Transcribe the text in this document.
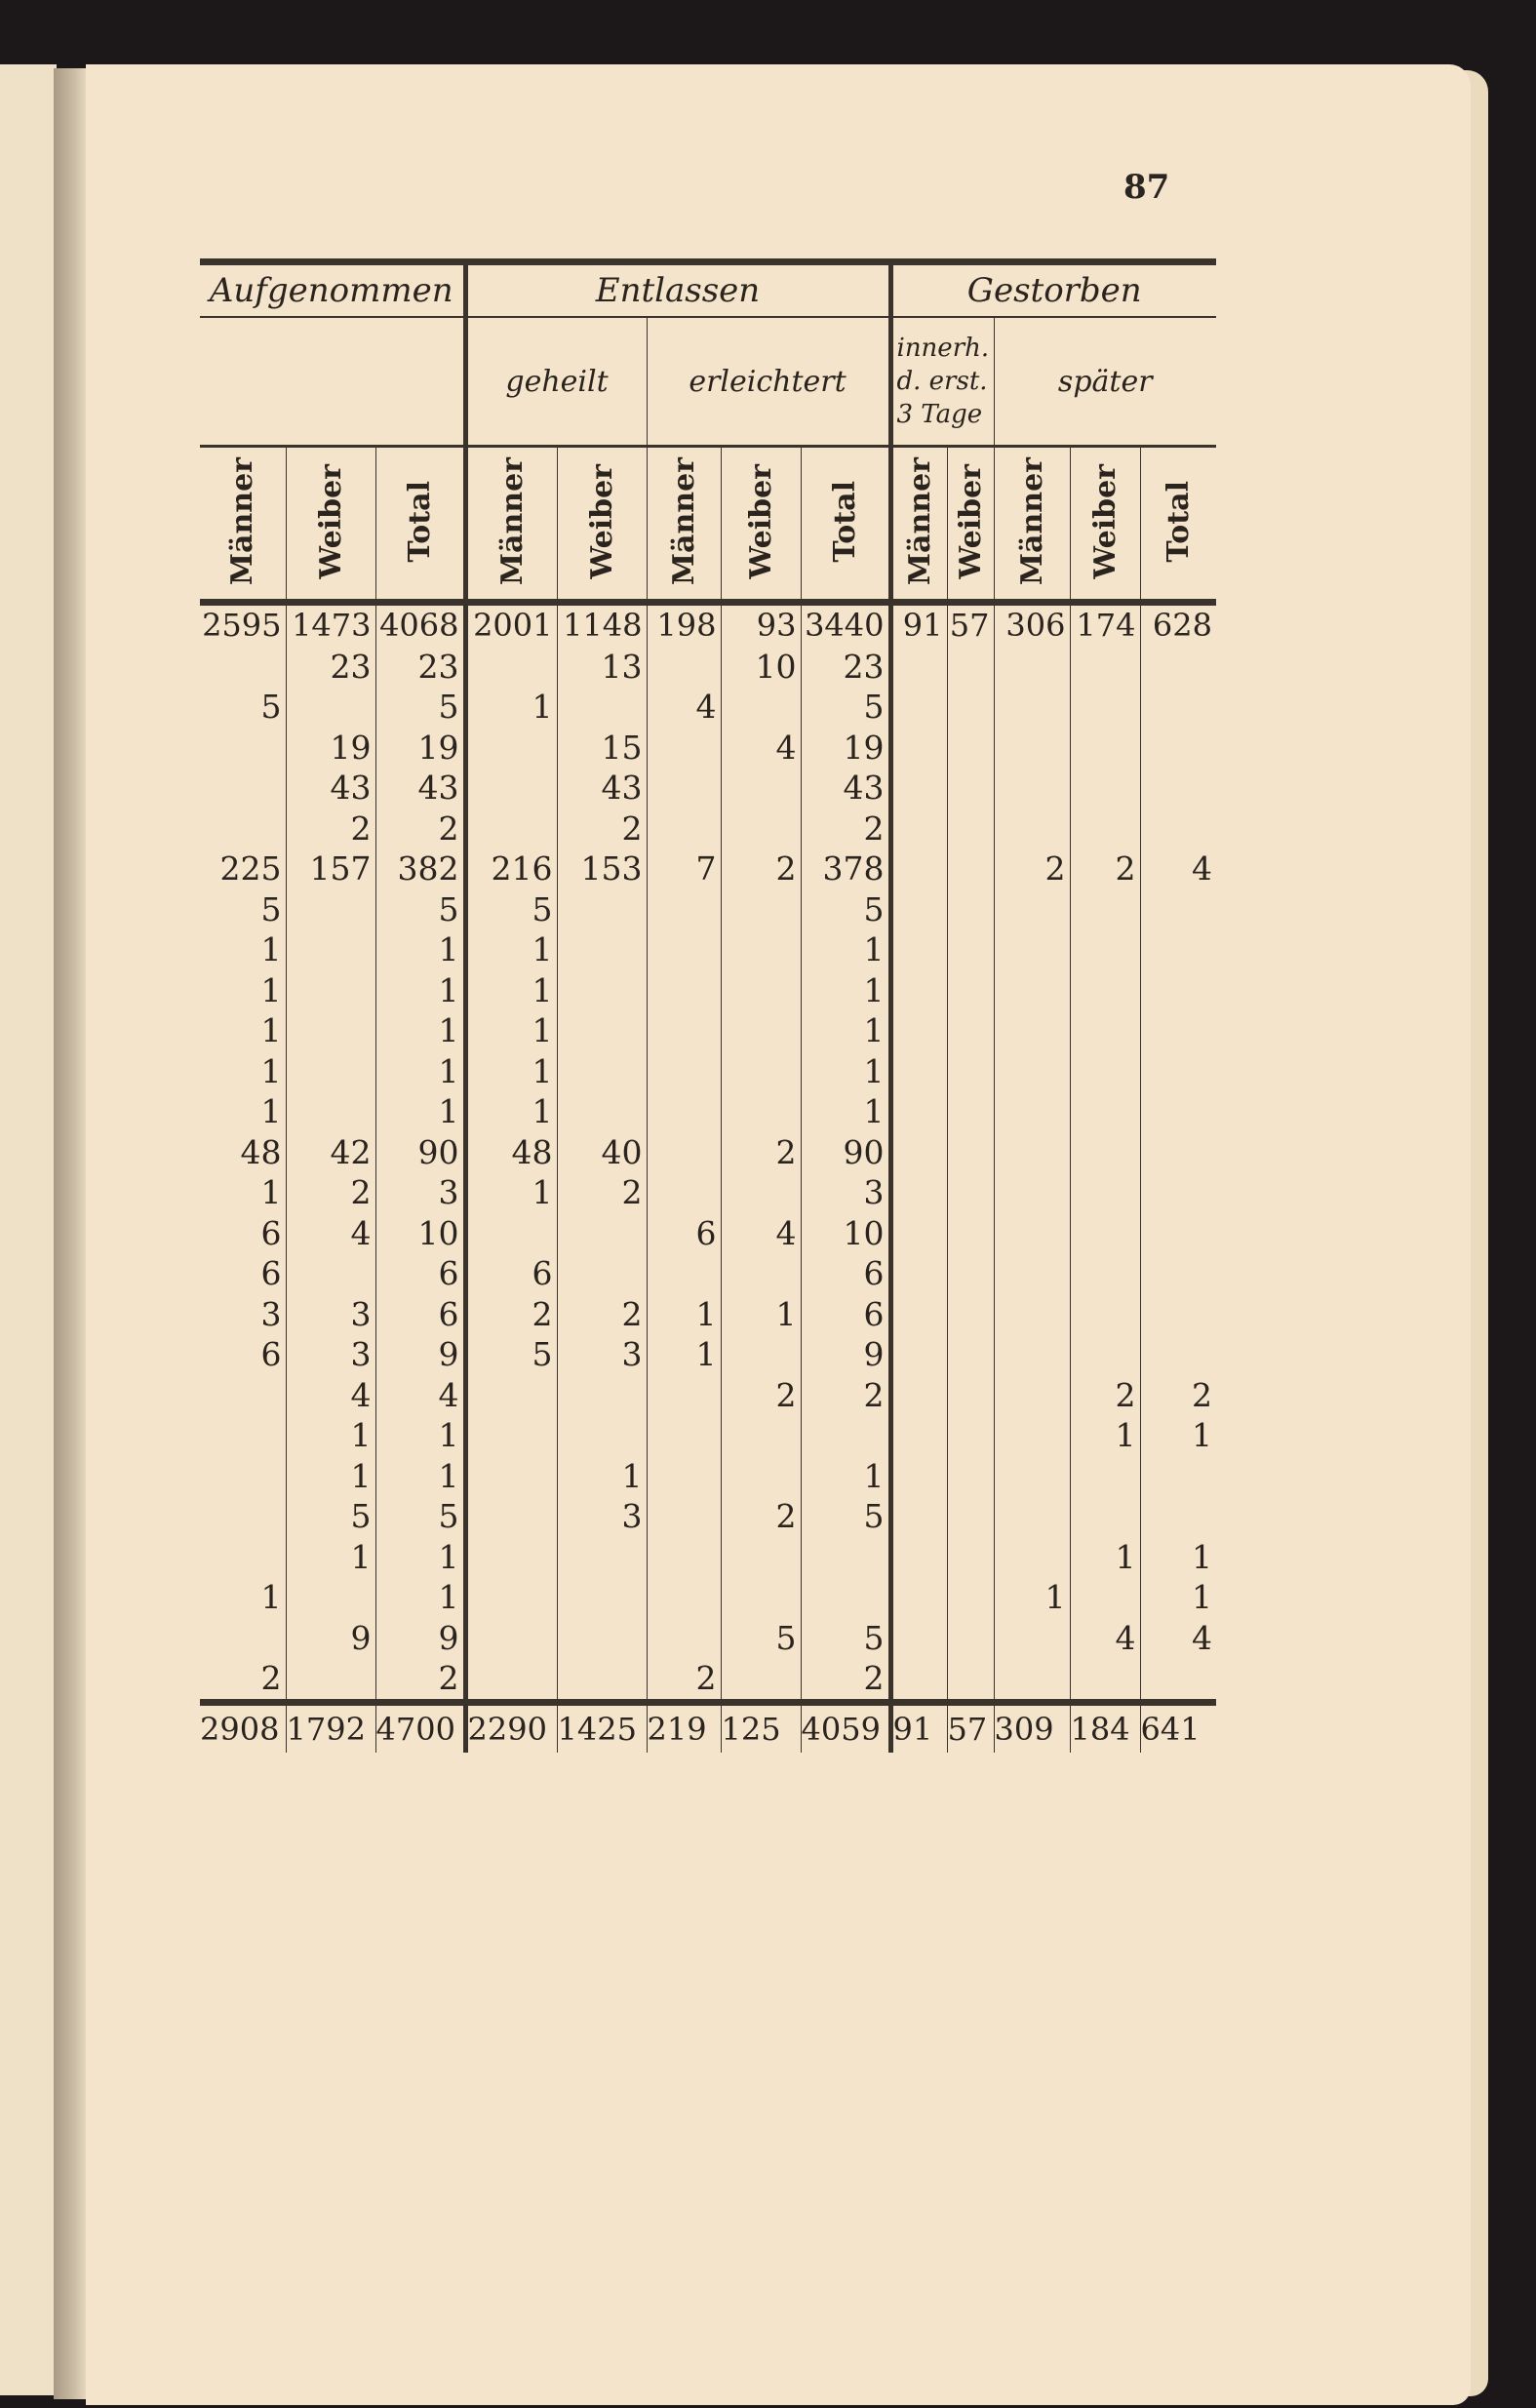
87
Aufgenommen			Entlassen					Gestorben				
			geheilt		erleichtert			innerh. d. erst. 3 Tage		später		
Männer	Weiber	Total	Männer	Weiber	Männer	Weiber	Total	Männer	Weiber	Männer	Weiber	Total
2595	1473	4068	2001	1148	198	93	3440	91	57	306	174	628
	23	23		13		10	23					
5		5	1		4		5					
	19	19		15		4	19					
	43	43		43			43					
	2	2		2			2					
225	157	382	216	153	7	2	378			2	2	4
5		5	5				5					
1		1	1				1					
1		1	1				1					
1		1	1				1					
1		1	1				1					
1		1	1				1					
48	42	90	48	40		2	90					
1	2	3	1	2			3					
6	4	10			6	4	10					
6		6	6				6					
3	3	6	2	2	1	1	6					
6	3	9	5	3	1		9					
	4	4				2	2				2	2
	1	1									1	1
	1	1		1			1					
	5	5		3		2	5					
	1	1									1	1
1		1								1		1
	9	9				5	5				4	4
2		2			2		2					
2908	1792	4700	2290	1425	219	125	4059	91	57	309	184	641
